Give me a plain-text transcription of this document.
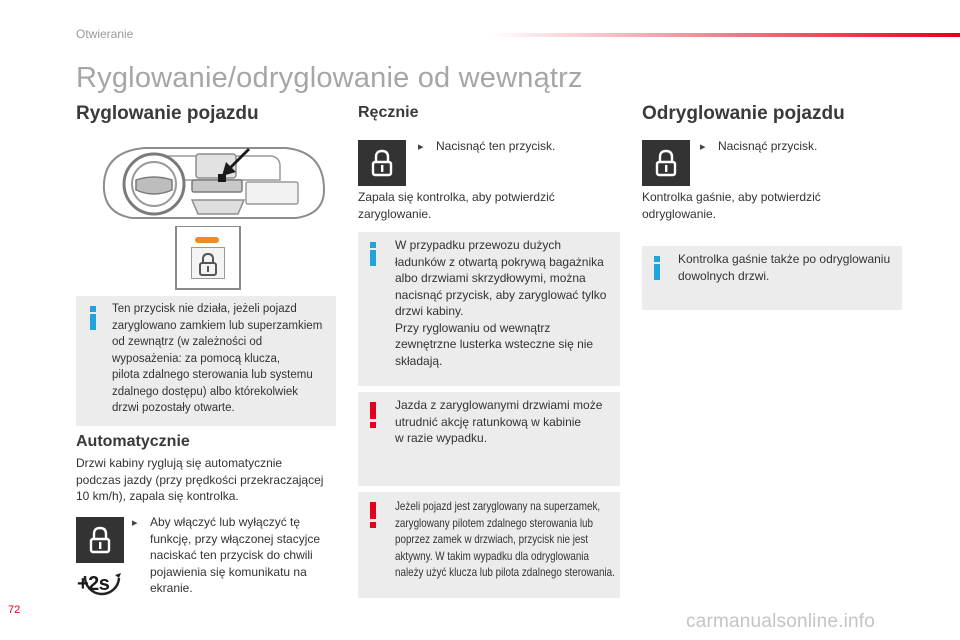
Otwieranie
Ryglowanie/odryglowanie od wewnątrz
Ryglowanie pojazdu
Ten przycisk nie działa, jeżeli pojazd
zaryglowano zamkiem lub superzamkiem
od zewnątrz (w zależności od
wyposażenia: za pomocą klucza,
pilota zdalnego sterowania lub systemu
zdalnego dostępu) albo którekolwiek
drzwi pozostały otwarte.
Automatycznie
Drzwi kabiny ryglują się automatycznie
podczas jazdy (przy prędkości przekraczającej
10 km/h), zapala się kontrolka.
+2s
▸ Aby włączyć lub wyłączyć tę
funkcję, przy włączonej stacyjce
naciskać ten przycisk do chwili
pojawienia się komunikatu na
ekranie.
Ręcznie
▸ Nacisnąć ten przycisk.
Zapala się kontrolka, aby potwierdzić
zaryglowanie.
W przypadku przewozu dużych
ładunków z otwartą pokrywą bagażnika
albo drzwiami skrzydłowymi, można
nacisnąć przycisk, aby zaryglować tylko
drzwi kabiny.
Przy ryglowaniu od wewnątrz
zewnętrzne lusterka wsteczne się nie
składają.
Jazda z zaryglowanymi drzwiami może
utrudnić akcję ratunkową w kabinie
w razie wypadku.
Jeżeli pojazd jest zaryglowany na superzamek,
zaryglowany pilotem zdalnego sterowania lub
poprzez zamek w drzwiach, przycisk nie jest
aktywny. W takim wypadku dla odryglowania
należy użyć klucza lub pilota zdalnego sterowania.
Odryglowanie pojazdu
▸ Nacisnąć przycisk.
Kontrolka gaśnie, aby potwierdzić
odryglowanie.
Kontrolka gaśnie także po odryglowaniu
dowolnych drzwi.
72
carmanualsonline.info
